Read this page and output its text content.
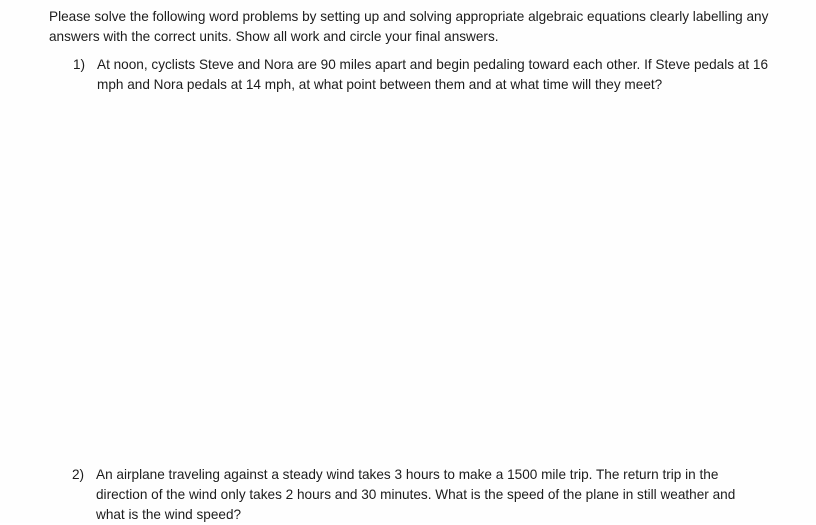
Please solve the following word problems by setting up and solving appropriate algebraic equations clearly labelling any answers with the correct units. Show all work and circle your final answers.

1) At noon, cyclists Steve and Nora are 90 miles apart and begin pedaling toward each other. If Steve pedals at 16 mph and Nora pedals at 14 mph, at what point between them and at what time will they meet?
2) An airplane traveling against a steady wind takes 3 hours to make a 1500 mile trip. The return trip in the direction of the wind only takes 2 hours and 30 minutes. What is the speed of the plane in still weather and what is the wind speed?
